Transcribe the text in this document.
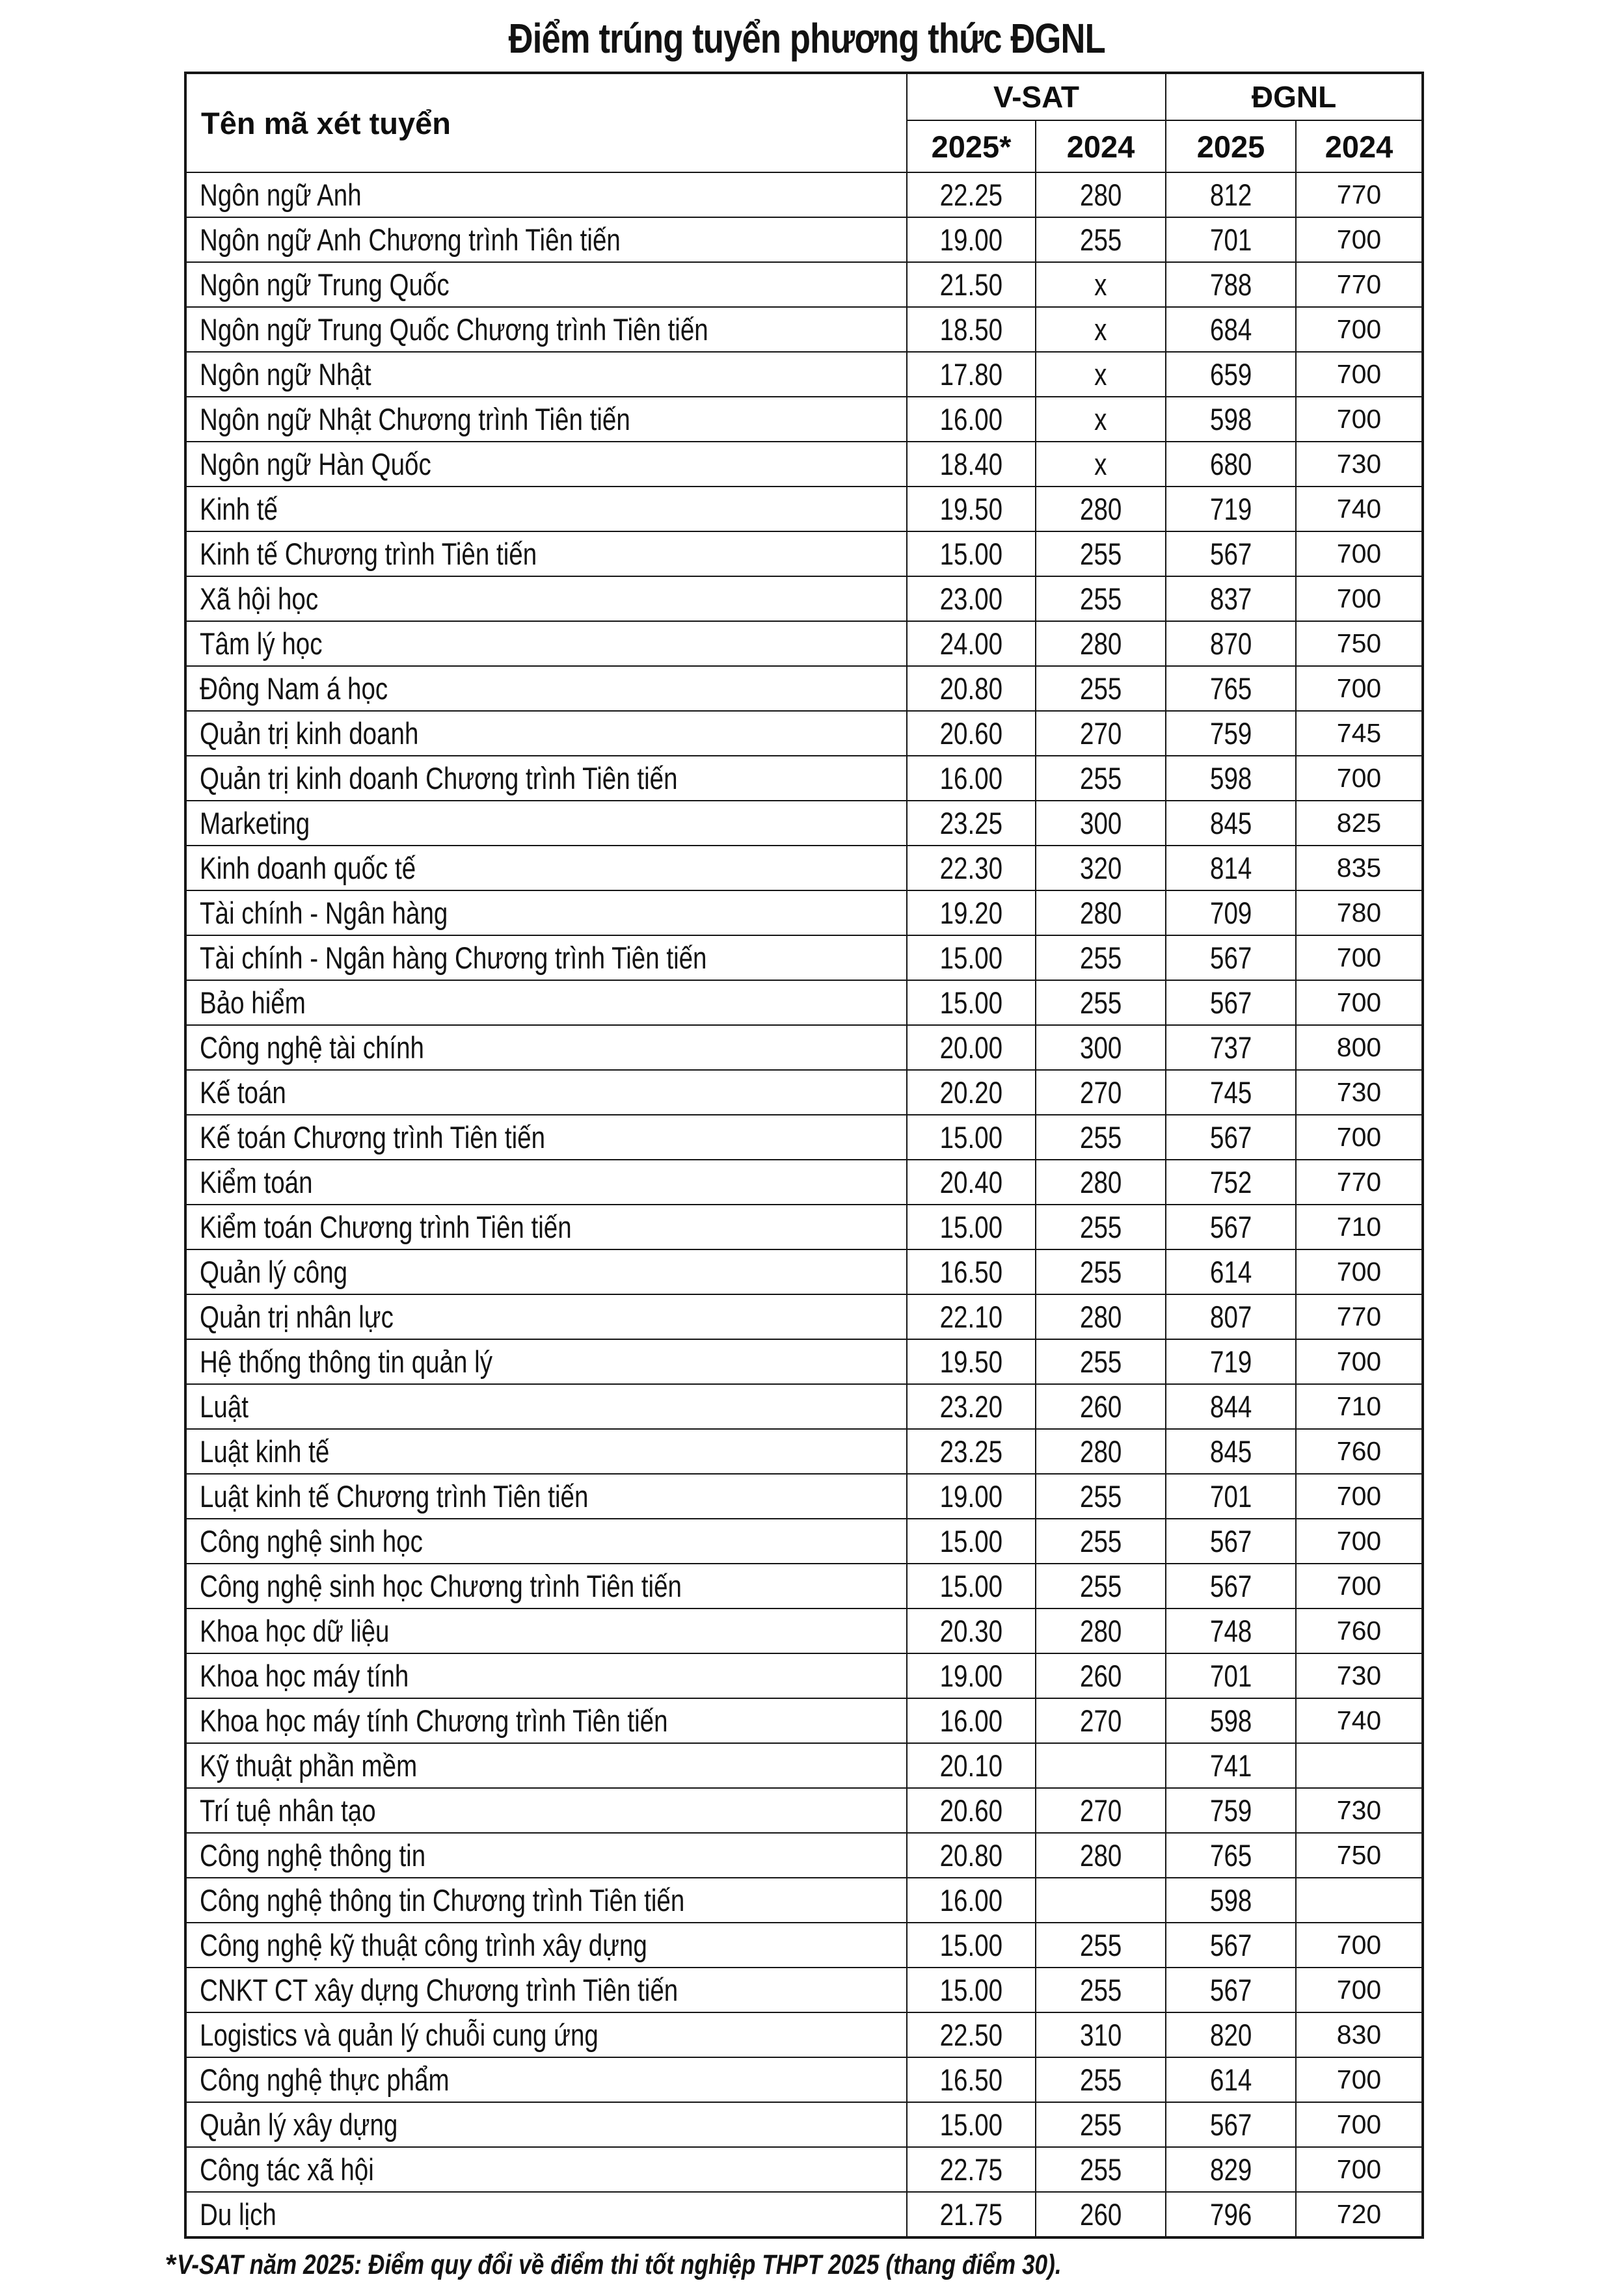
Điểm trúng tuyển phương thức ĐGNL
Tên mã xét tuyển	V-SAT		ĐGNL	
	2025*	2024	2025	2024
Ngôn ngữ Anh	22.25	280	812	770
Ngôn ngữ Anh Chương trình Tiên tiến	19.00	255	701	700
Ngôn ngữ Trung Quốc	21.50	x	788	770
Ngôn ngữ Trung Quốc Chương trình Tiên tiến	18.50	x	684	700
Ngôn ngữ Nhật	17.80	x	659	700
Ngôn ngữ Nhật Chương trình Tiên tiến	16.00	x	598	700
Ngôn ngữ Hàn Quốc	18.40	x	680	730
Kinh tế	19.50	280	719	740
Kinh tế Chương trình Tiên tiến	15.00	255	567	700
Xã hội học	23.00	255	837	700
Tâm lý học	24.00	280	870	750
Đông Nam á học	20.80	255	765	700
Quản trị kinh doanh	20.60	270	759	745
Quản trị kinh doanh Chương trình Tiên tiến	16.00	255	598	700
Marketing	23.25	300	845	825
Kinh doanh quốc tế	22.30	320	814	835
Tài chính - Ngân hàng	19.20	280	709	780
Tài chính - Ngân hàng Chương trình Tiên tiến	15.00	255	567	700
Bảo hiểm	15.00	255	567	700
Công nghệ tài chính	20.00	300	737	800
Kế toán	20.20	270	745	730
Kế toán Chương trình Tiên tiến	15.00	255	567	700
Kiểm toán	20.40	280	752	770
Kiểm toán Chương trình Tiên tiến	15.00	255	567	710
Quản lý công	16.50	255	614	700
Quản trị nhân lực	22.10	280	807	770
Hệ thống thông tin quản lý	19.50	255	719	700
Luật	23.20	260	844	710
Luật kinh tế	23.25	280	845	760
Luật kinh tế Chương trình Tiên tiến	19.00	255	701	700
Công nghệ sinh học	15.00	255	567	700
Công nghệ sinh học Chương trình Tiên tiến	15.00	255	567	700
Khoa học dữ liệu	20.30	280	748	760
Khoa học máy tính	19.00	260	701	730
Khoa học máy tính Chương trình Tiên tiến	16.00	270	598	740
Kỹ thuật phần mềm	20.10		741	
Trí tuệ nhân tạo	20.60	270	759	730
Công nghệ thông tin	20.80	280	765	750
Công nghệ thông tin Chương trình Tiên tiến	16.00		598	
Công nghệ kỹ thuật công trình xây dựng	15.00	255	567	700
CNKT CT xây dựng Chương trình Tiên tiến	15.00	255	567	700
Logistics và quản lý chuỗi cung ứng	22.50	310	820	830
Công nghệ thực phẩm	16.50	255	614	700
Quản lý xây dựng	15.00	255	567	700
Công tác xã hội	22.75	255	829	700
Du lịch	21.75	260	796	720
*V-SAT năm 2025: Điểm quy đổi về điểm thi tốt nghiệp THPT 2025 (thang điểm 30).
